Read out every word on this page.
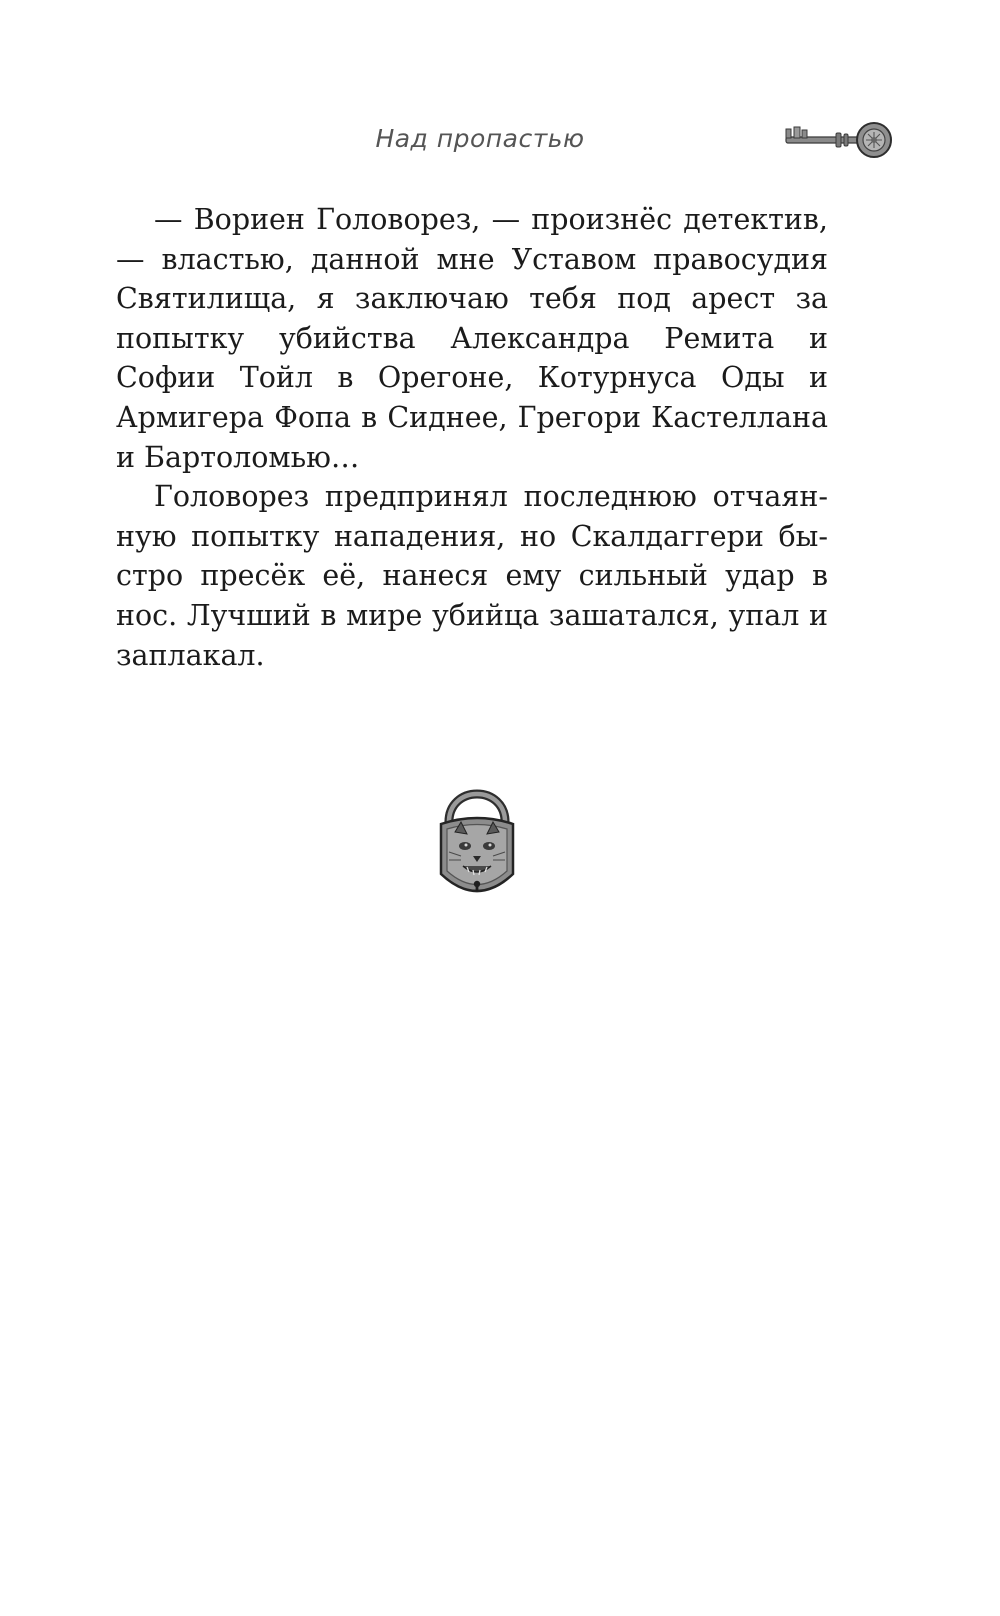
Над пропастью

— Вориен Головорез, — произнёс детектив, — властью, данной мне Уставом правосудия Святилища, я заключаю тебя под арест за попытку убийства Александра Ремита и Софии Тойл в Орегоне, Котурнуса Оды и Армигера Фопа в Сиднее, Грегори Кастеллана и Бартоломью…

Головорез предпринял последнюю отчаянную попытку нападения, но Скалдаггери быстро пресёк её, нанеся ему сильный удар в нос. Лучший в мире убийца зашатался, упал и заплакал.
